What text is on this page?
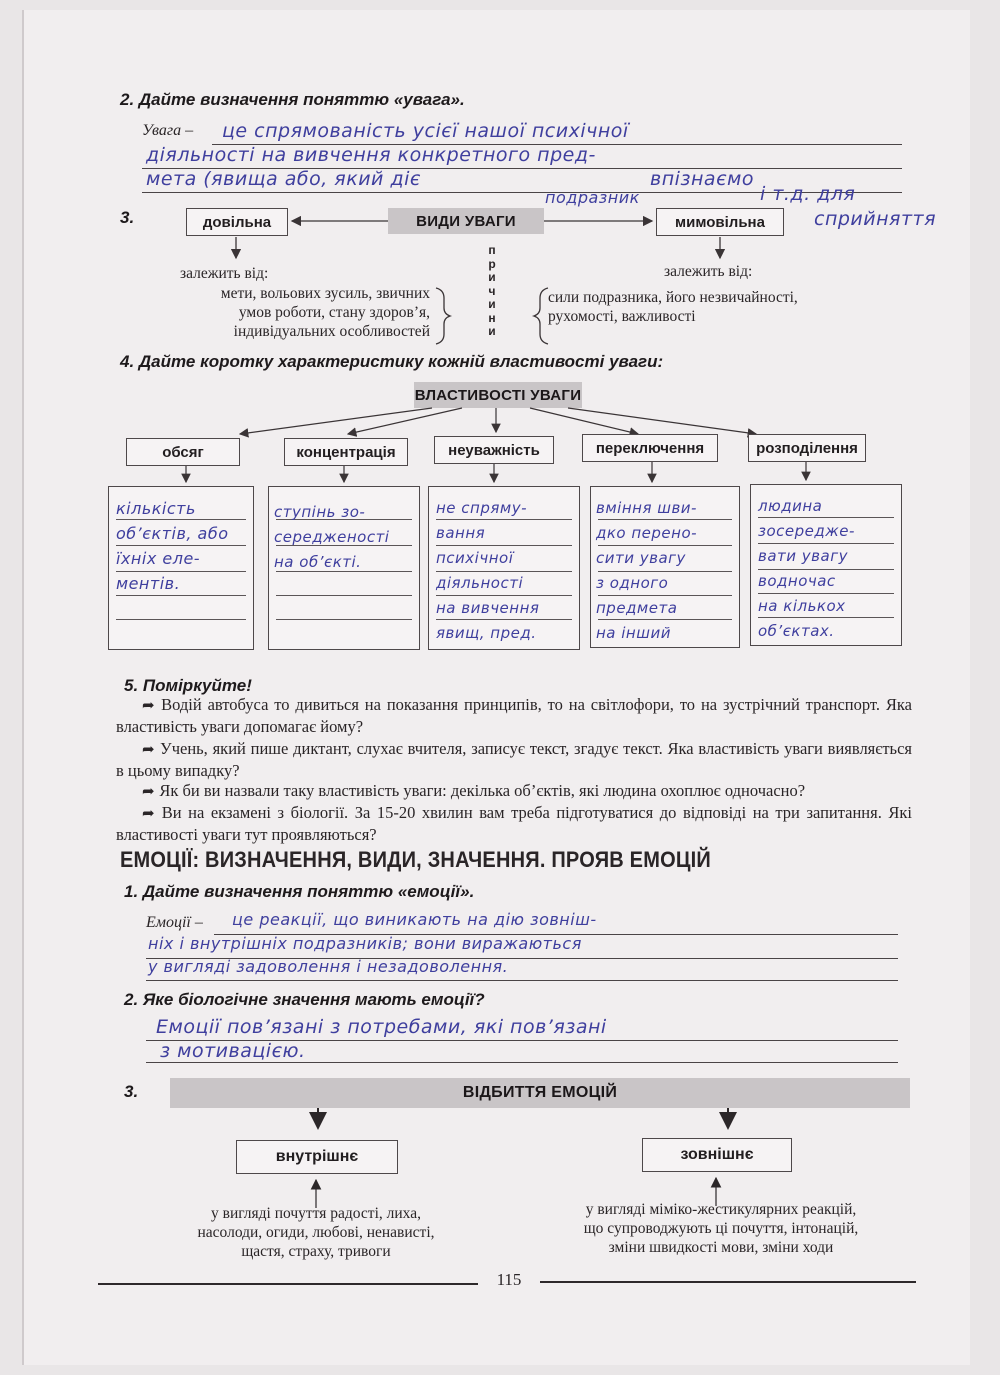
2. Дайте визначення поняттю «увага».
Увага – це спрямованість усієї нашої психічної
діяльності на вивчення конкретного пред-
мета (явища або, який діє
подразник
впізнаємо
і т.д. для
сприйняття
3.	довільна	ВИДИ УВАГИ	мимовільна
залежить від:	залежить від:
мети, вольових зусиль, звичних
умов роботи, стану здоров’я,
індивідуальних особливостей
сили подразника, його незвичайності,
рухомості, важливості
п
р
и
ч
и
н
и
4. Дайте коротку характеристику кожній властивості уваги:
ВЛАСТИВОСТІ УВАГИ
обсяг	концентрація	неуважність	переключення	розподілення
кількість
об’єктів, або
їхніх еле-
ментів.
ступінь зо-
середженості
на об’єкті.
не спряму-
вання
психічної
діяльності
на вивчення
явищ, пред.
вміння шви-
дко перено-
сити увагу
з одного
предмета
на інший
людина
зосередже-
вати увагу
водночас
на кількох
об’єктах.
5. Поміркуйте!
➦ Водій автобуса то дивиться на показання принципів, то на світлофори, то на зустрічний транспорт. Яка властивість уваги допомагає йому?
➦ Учень, який пише диктант, слухає вчителя, записує текст, згадує текст. Яка властивість уваги виявляється в цьому випадку?
➦ Як би ви назвали таку властивість уваги: декілька об’єктів, які людина охоплює одночасно?
➦ Ви на екзамені з біології. За 15-20 хвилин вам треба підготуватися до відповіді на три запитання. Які властивості уваги тут проявляються?
ЕМОЦІЇ: ВИЗНАЧЕННЯ, ВИДИ, ЗНАЧЕННЯ. ПРОЯВ ЕМОЦІЙ
1. Дайте визначення поняттю «емоції».
Емоції – це реакції, що виникають на дію зовніш-
ніх і внутрішніх подразників; вони виражаються
у вигляді задоволення і незадоволення.
2. Яке біологічне значення мають емоції?
Емоції пов’язані з потребами, які пов’язані
з мотивацією.
3.	ВІДБИТТЯ ЕМОЦІЙ
внутрішнє	зовнішнє
у вигляді почуття радості, лиха,
насолоди, огиди, любові, ненависті,
щастя, страху, тривоги
у вигляді міміко-жестикулярних реакцій,
що супроводжують ці почуття, інтонацій,
зміни швидкості мови, зміни ходи
115
